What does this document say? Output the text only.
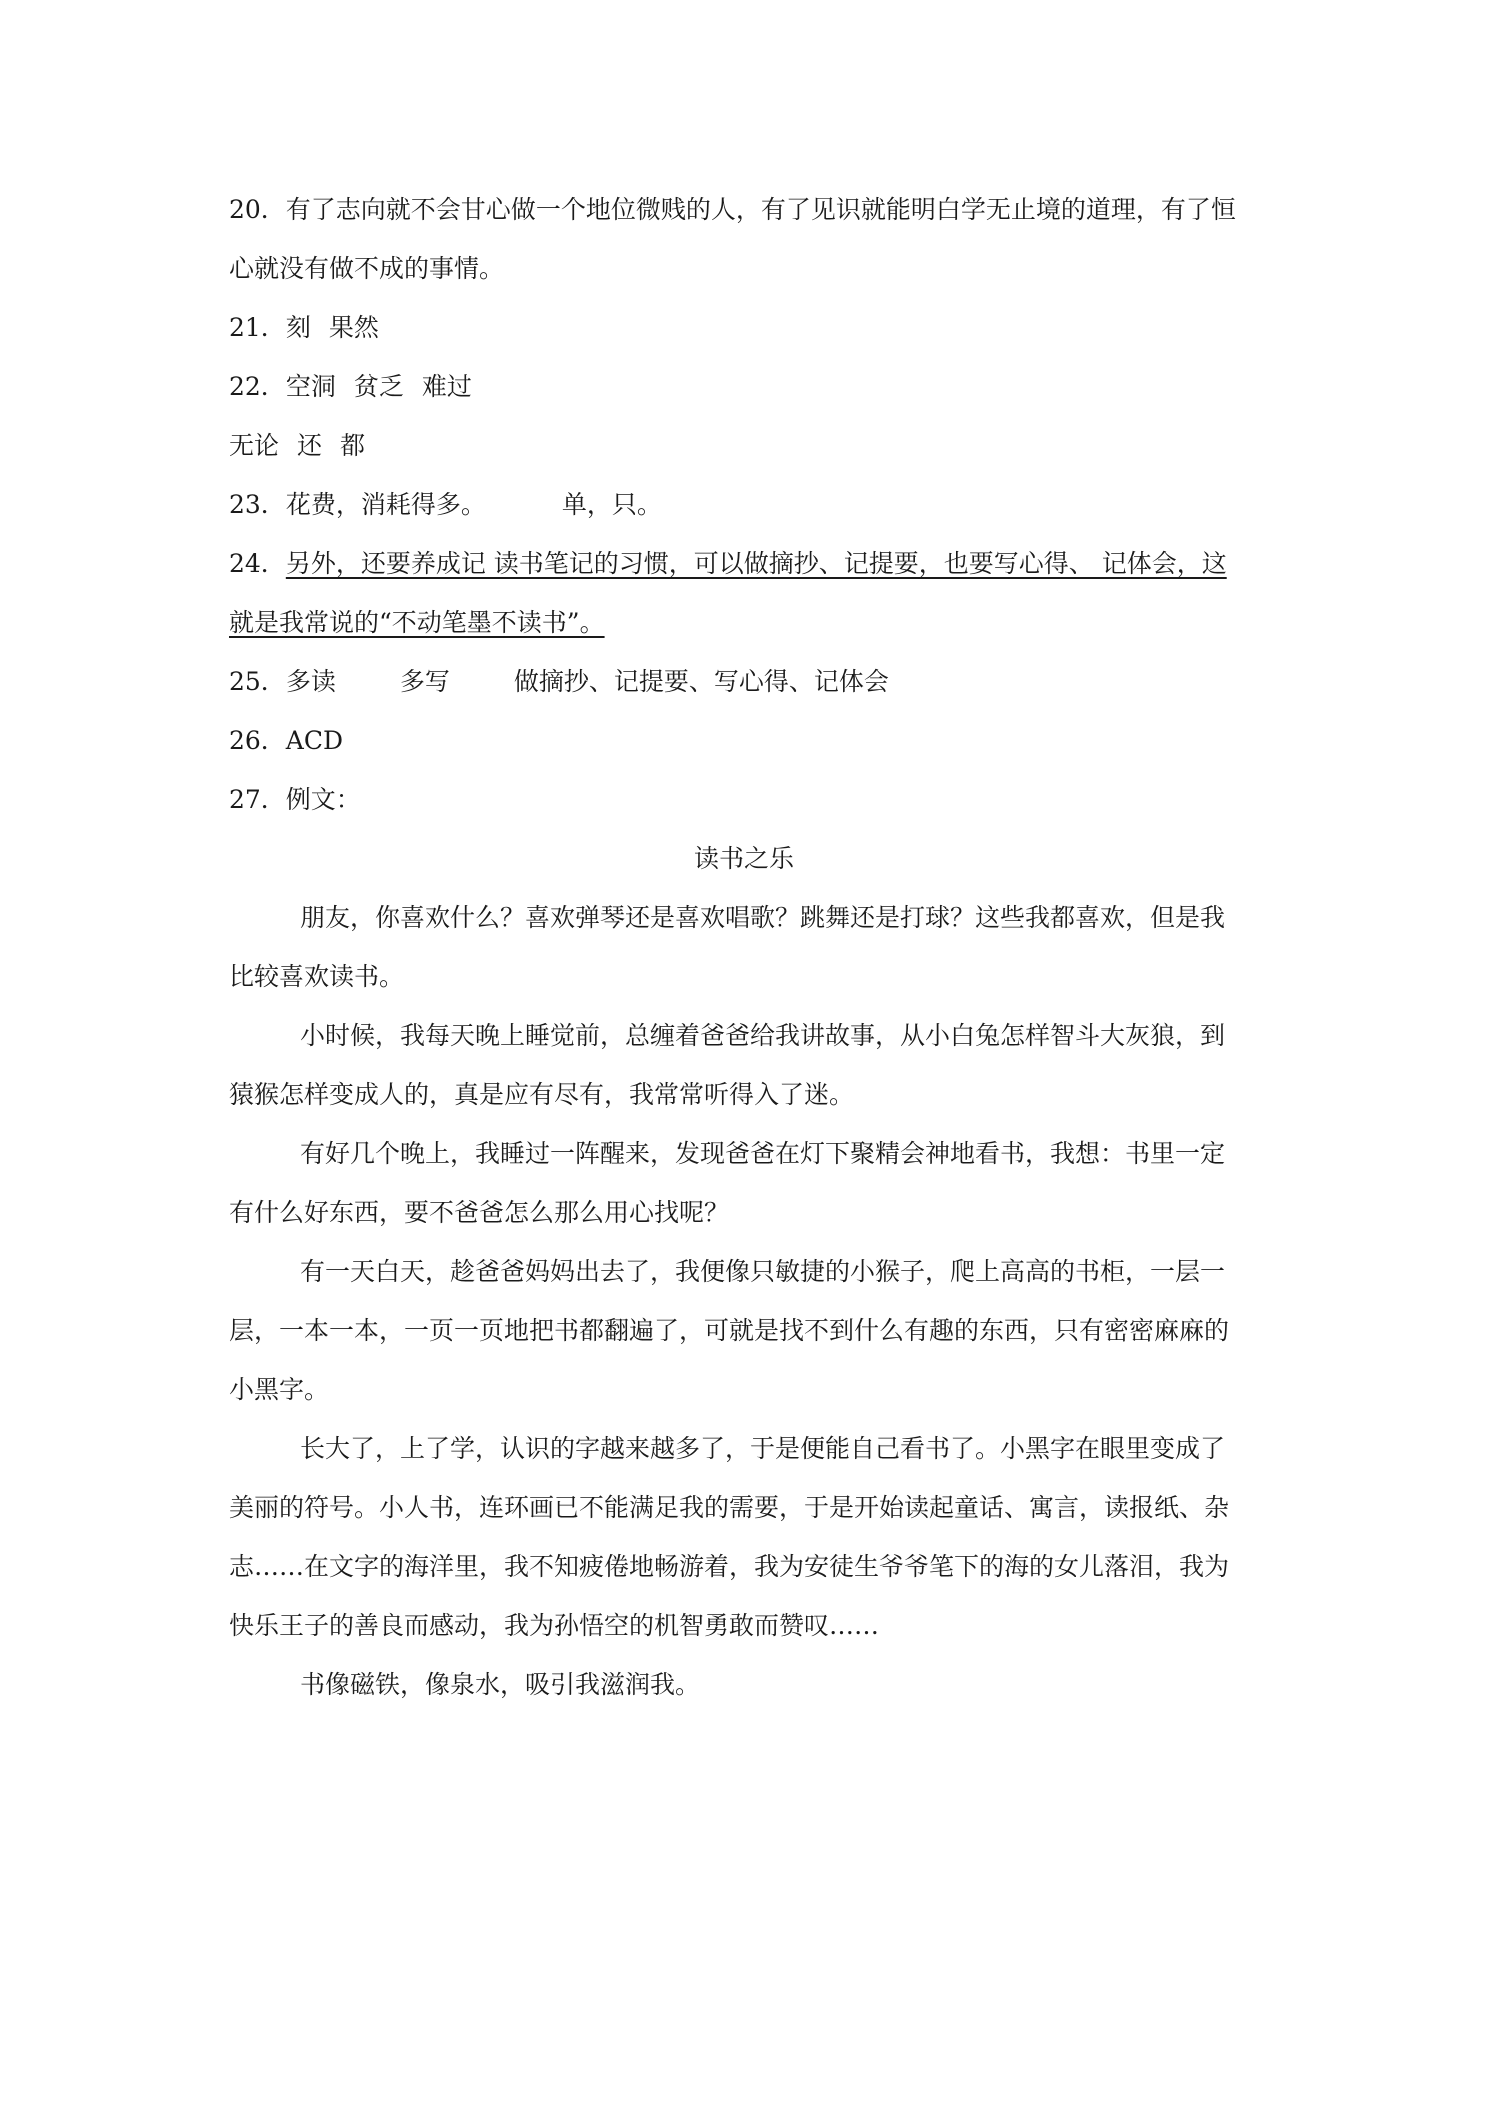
20．有了志向就不会甘心做一个地位微贱的人，有了见识就能明白学无止境的道理，有了恒
心就没有做不成的事情。
21．刻 果然
22．空洞 贫乏 难过
无论 还 都
23．花费，消耗得多。	单，只。
24．另外，还要养成记 读书笔记的习惯，可以做摘抄、记提要，也要写心得、 记体会，这
就是我常说的“不动笔墨不读书”。
25．多读	多写	做摘抄、记提要、写心得、记体会
26．ACD
27．例文：
读书之乐
朋友，你喜欢什么？喜欢弹琴还是喜欢唱歌？跳舞还是打球？这些我都喜欢，但是我
比较喜欢读书。
小时候，我每天晚上睡觉前，总缠着爸爸给我讲故事，从小白兔怎样智斗大灰狼，到
猿猴怎样变成人的，真是应有尽有，我常常听得入了迷。
有好几个晚上，我睡过一阵醒来，发现爸爸在灯下聚精会神地看书，我想：书里一定
有什么好东西，要不爸爸怎么那么用心找呢？
有一天白天，趁爸爸妈妈出去了，我便像只敏捷的小猴子，爬上高高的书柜，一层一
层，一本一本，一页一页地把书都翻遍了，可就是找不到什么有趣的东西，只有密密麻麻的
小黑字。
长大了，上了学，认识的字越来越多了，于是便能自己看书了。小黑字在眼里变成了
美丽的符号。小人书，连环画已不能满足我的需要，于是开始读起童话、寓言，读报纸、杂
志……在文字的海洋里，我不知疲倦地畅游着，我为安徒生爷爷笔下的海的女儿落泪，我为
快乐王子的善良而感动，我为孙悟空的机智勇敢而赞叹……
书像磁铁，像泉水，吸引我滋润我。
